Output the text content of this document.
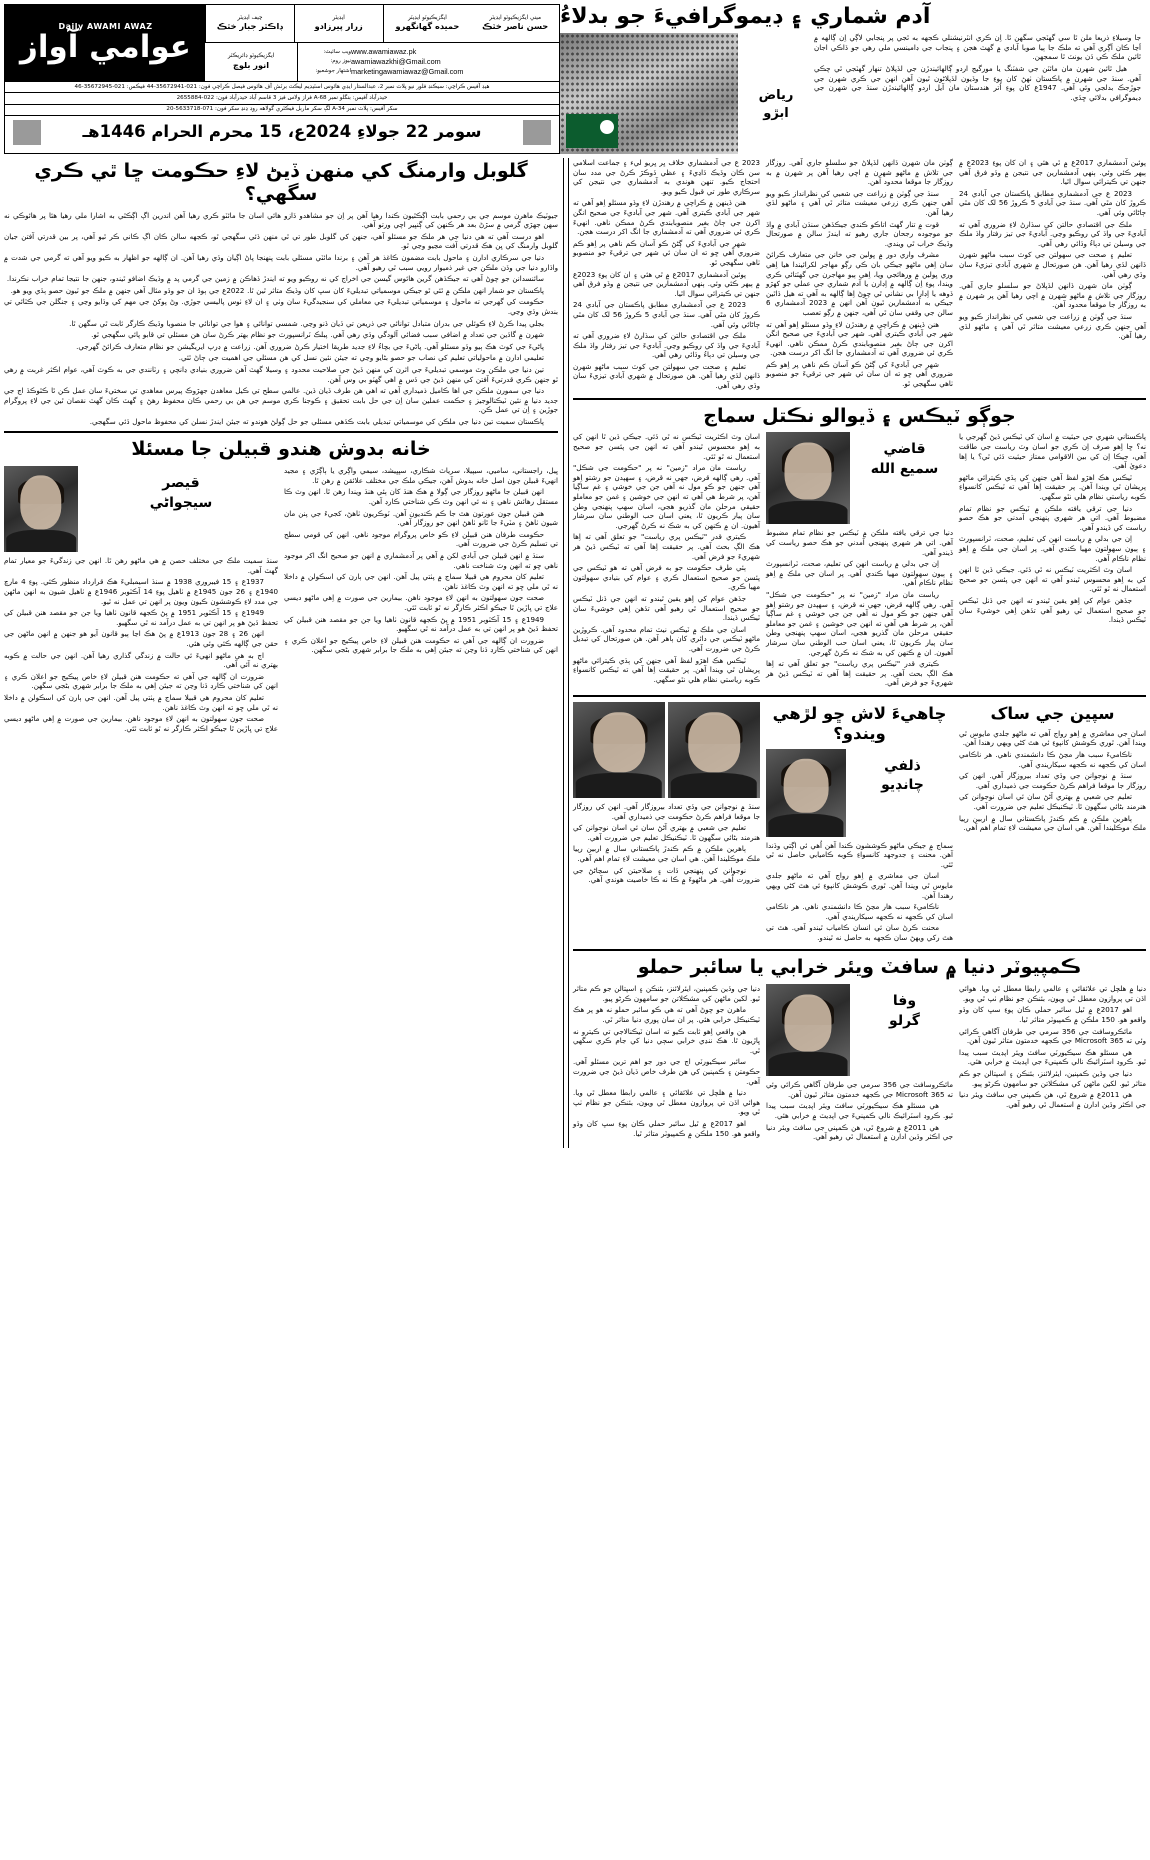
Daily AWAMI AWAZ
عوامي آواز
چيف ايڊيٽر
ڊاڪٽر جبار خٽڪ
ايڊيٽر
زرار پيرزادو
ايگزيڪيوٽو ايڊيٽر
حميده گهانگهرو
ميني ايگزيڪيوٽو ايڊيٽر
حسن ناصر خٽڪ
ايگزيڪيوٽو ڊائريڪٽر
انور بلوچ
ويب سائيٽ: www.awamiawaz.pk
نيوز روم: awamiawazkhi@Gmail.com
اشتهار جوشعبو: marketingawamiawaz@Gmail.com
هيڊ آفيس ڪراچي: سيڪنڊ فلور نيو پلاٽ نمبر 2، عبدالستار ايڊي هائوس اسٽيڊيم ليڪٽ برٽش آف هائوس فيصل ڪراچي فون: 021-35672941-44 فيڪس: 021-35672945-46
حيدرآباد آفيس: بنگلو نمبر A-68 فراز ولاس فيز 3 قاسم آباد حيدرآباد فون: 022-2655884
سکر آفيس: پلاٽ نمبر A-34 لڳ سکر ماربل فيڪٽري گولاهه روڊ ڍنڍ سکر فون: 071-5633718-20
سومر 22 جولاءِ 2024ع، 15 محرم الحرام 1446هـ
آدم شماري ۽ ڊيموگرافيءَ جو بدلاءُ
رياض
ابڙو

جا وسيلاءِ ذريعا ملن ٿا سي گهٽجي سگهن ٿا. اِن ڪري انٽرنيشنلي ڪجهه به ٿجي پر پنجابي لاڳي اِن ڳالهه ۾ اَڃا ڪان اَڳري آهي ته ملڪ جا ٻيا صوبا آبادي ۾ گهٽ هجن ۽ پنجاب جي ڊامينسي ملي رهي جو ڏاڪي اجان ٿائين ملڪ ڪي ڏن يونٽ ٿا سمجهن.

هيل ٿائين شهرن مان مائٽن جي شفٽنگ يا مورگيج اردو ڳالهائيندڙن جي لڏپلاڻ تنهار گهٽجي ٿي چڪي آهي. سنڌ جي شهرن ۾ پاڪستان ٺهڻ کان پوءِ جا وڏيون لڏپلاڻون ٿيون آهن انهن جي ڪري شهرن جي جوڙجڪ بدلجي وئي آهي. 1947ع کان پوءِ اُتر هندستان مان آيل اردو ڳالهائيندڙن سنڌ جي شهرن جي ڊيموگرافي بدلائي ڇڏي.

گلوبل وارمنگ کي منهن ڏيڻ لاءِ حڪومت ڇا ٿي ڪري سگهي؟

جيوٽيڪ ماهرن موسم جي بي رحمي بابت اڳڪٿيون ڪندا رهيا آهن پر اِن جو مشاهدو ڏازو هائي اسان جا مائٽو ڪري رهيا آهن اندرين اڳ اڳڪٿي به اشارا ملي رهيا هئا پر هائوڪي نه سهن جهڙي گرمي ۾ سڙڻ بعد هر ڪنهن کي ڳنڀير اچي ورتو آهي.

اهو درست آهي ته هي دنيا جي هر ملڪ جو مسئلو آهي، جنهن کي گلوبل طور تي ٿي منهن ڏئي سگهجي ٿو، ڪجهه سالن ڪان اڳ ڪاني ڪر ٿيو آهي، پر بين قدرتي آفتن جيان گلوبل وارمنگ کي ڀن هڪ قدرتي آفت مڃيو وڃي ٿو.

دنيا جي سرڪاري ادارن ۽ ماحول بابت مضمون ڪاغذ هر آهن ۽ برندا مائٽي مسئلي بابت پنهنجا پاڻ اڳيان وڌي رهيا آهن. ان ڳالهه جو اظهار به ڪيو ويو آهي ته گرمي جي شدت ۾ واڌارو دنيا جي وڏن ملڪن جي غير ذميوار رويي سبب ٿي رهيو آهي.

سائنسدانن جو چوڻ آهي ته جيڪڏهن گرين هائوس گيسن جي اخراج کي نه روڪيو ويو ته ايندڙ ڏهاڪن ۾ زمين جي گرمي پد ۾ وڌيڪ اضافو ٿيندو، جنهن جا نتيجا تمام خراب نڪرندا.

پاڪستان جو شمار انهن ملڪن ۾ ٿئي ٿو جيڪي موسمياتي تبديليءَ کان سڀ کان وڌيڪ متاثر ٿين ٿا. 2022ع جي ٻوڏ ان جو وڏو مثال آهي جنهن ۾ ملڪ جو ٽيون حصو ٻڏي ويو هو.

حڪومت کي گهرجي ته ماحول ۽ موسمياتي تبديليءَ جي معاملي کي سنجيدگيءَ سان وٺي ۽ ان لاءِ ٺوس پاليسي جوڙي. وڻ پوکڻ جي مهم کي وڌايو وڃي ۽ جنگلن جي ڪٽائي تي بندش وڌي وڃي.

بجلي پيدا ڪرڻ لاءِ ڪوئلي جي بدران متبادل توانائي جي ذريعن تي ڌيان ڏنو وڃي. شمسي توانائي ۽ هوا جي توانائي جا منصوبا وڌيڪ ڪارگر ثابت ٿي سگهن ٿا.

شهرن ۾ گاڏين جي تعداد ۾ اضافي سبب فضائي آلودگي وڌي رهي آهي. پبلڪ ٽرانسپورٽ جو نظام بهتر ڪرڻ سان هن مسئلي تي قابو پائي سگهجي ٿو.

پاڻيءَ جي کوٽ هڪ ٻيو وڏو مسئلو آهي. پاڻيءَ جي بچاءُ لاءِ جديد طريقا اختيار ڪرڻ ضروري آهن. زراعت ۾ ڊرپ ايريگيشن جو نظام متعارف ڪرائڻ گهرجي.

تعليمي ادارن ۾ ماحولياتي تعليم کي نصاب جو حصو بڻايو وڃي ته جيئن نئين نسل کي هن مسئلي جي اهميت جي ڄاڻ ٿئي.

تين دنيا جي ملڪن وٽ موسمي تبديليءَ جي اثرن کي منهن ڏيڻ جي صلاحيت محدود ۽ وسيلا گهٽ آهن ضروري بنيادي ڍانچي ۽ رٽانندي جي به ڪوٽ آهي، عوام اڪثر غربت ۾ رهي ٿو جنهن ڪري قدرتيءَ آفتن کي منهن ڏيڻ جي ڏس ۾ اهي گهٽو بي وس آهن.

دنيا جي سمورن ملڪن جي اها ڪاميل ذميداري آهي ته اهي هن طرف ڌيان ڏين. عالمي سطح تي ڪيل معاهدن جهڙوڪ پيرس معاهدي تي سختيءَ سان عمل ڪن ٿا ڪٿوڪڏ اڄ جي جديد دنيا ۾ نئين ٽيڪنالوجيز ۽ حڪمت عملين سان اِن جي حل بابت تحقيق ۽ ڪوجنا ڪري موسم جي هن بي رحمي ڪان محفوظ رهڻ ۽ گهٽ ڪان گهٽ نقصان ٿين جي لاءِ پروگرام جوڙين ۽ اِن تي عمل ڪن.

پاڪستان سميت تين دنيا جي ملڪن کي موسمياتي تبديلي بابت ڪڏهي مسئلي جو حل ڳولڻ هوندو ته جيئن ايندڙ نسلن کي محفوظ ماحول ڏئي سگهجي.

خانه بدوش هندو قبيلن جا مسئلا
قيصر
سيجواڻي

سنڌ سميت ملڪ جي مختلف حصن ۾ هي ماڻهو رهن ٿا. انهن جي زندگيءَ جو معيار تمام گهٽ آهي.

1937ع ۽ 15 فيبروري 1938 ۾ سنڌ اسيمبليءَ هڪ قرارداد منظور ڪئي. پوءِ 4 مارچ 1940ع ۽ 26 جون 1945ع ۾ ٺاهيل پوءِ 14 آڪٽوبر 1946ع ۾ ٺاهيل شيون به انهن ماڻهن جي مدد لاءِ ڪوششون ڪيون ويون پر انهن تي عمل نه ٿيو.

1949ع ۽ 15 آڪٽوبر 1951 ۾ پڻ ڪجهه قانون ٺاهيا ويا جن جو مقصد هنن قبيلن کي تحفظ ڏيڻ هو پر انهن تي به عمل درآمد نه ٿي سگهيو.

انهن 26 ۽ 28 جون 1913ع ۾ پڻ هڪ اڃا ٻيو قانون آيو هو جنهن ۾ انهن ماڻهن جي حقن جي ڳالهه ڪئي وئي هئي.

اڄ به هي ماڻهو انهيءَ ئي حالت ۾ زندگي گذاري رهيا آهن. انهن جي حالت ۾ ڪوبه بهتري نه آئي آهي.

ضرورت ان ڳالهه جي آهي ته حڪومت هنن قبيلن لاءِ خاص پيڪيج جو اعلان ڪري ۽ انهن کي شناختي ڪارڊ ڏنا وڃن ته جيئن اِهي به ملڪ جا برابر شهري بڻجي سگهن.

تعليم کان محروم هي قبيلا سماج ۾ پٺتي پيل آهن. انهن جي ٻارن کي اسڪولن ۾ داخلا نه ٿي ملي ڇو ته انهن وٽ ڪاغذ ناهن.

صحت جون سهولتون به انهن لاءِ موجود ناهن. بيمارين جي صورت ۾ اِهي ماڻهو ديسي علاج تي ڀاڙين ٿا جيڪو اڪثر ڪارگر نه ٿو ثابت ٿئي.

ڀيل، راجستاني، ساميي، سيپيلا، سرياٽ شڪاري، سڀڀيشد، سيمي واڳري يا ٻاڳڙي ۽ مجيد انهيءَ قبيلن جون اصل خانه بدوش آهن، جيڪي ملڪ جي مختلف علائقن ۾ رهن ٿا.

انهن قبيلن جا ماڻهو روزگار جي ڳولا ۾ هڪ هنڌ کان ٻئي هنڌ ويندا رهن ٿا. انهن وٽ ڪا مستقل رهائش ناهي ۽ نه ئي انهن وٽ ڪي شناختي ڪارڊ آهن.

هنن قبيلن جون عورتون هٿ جا ڪم ڪنديون آهن. ٽوڪريون ٺاهڻ، کجيءَ جي پنن مان شيون ٺاهڻ ۽ مٽيءَ جا ٿانو ٺاهڻ انهن جو روزگار آهي.

حڪومت طرفان هنن قبيلن لاءِ ڪو خاص پروگرام موجود ناهي. انهن کي قومي سطح تي تسليم ڪرڻ جي ضرورت آهي.

سنڌ ۾ انهن قبيلن جي آبادي لکن ۾ آهي پر آدمشماري ۾ انهن جو صحيح انگ اکر موجود ناهي ڇو ته انهن وٽ شناخت ناهي.

تعليم کان محروم هي قبيلا سماج ۾ پٺتي پيل آهن. انهن جي ٻارن کي اسڪولن ۾ داخلا نه ٿي ملي ڇو ته انهن وٽ ڪاغذ ناهن.

صحت جون سهولتون به انهن لاءِ موجود ناهن. بيمارين جي صورت ۾ اِهي ماڻهو ديسي علاج تي ڀاڙين ٿا جيڪو اڪثر ڪارگر نه ٿو ثابت ٿئي.

1949ع ۽ 15 آڪٽوبر 1951 ۾ پڻ ڪجهه قانون ٺاهيا ويا جن جو مقصد هنن قبيلن کي تحفظ ڏيڻ هو پر انهن تي به عمل درآمد نه ٿي سگهيو.

ضرورت ان ڳالهه جي آهي ته حڪومت هنن قبيلن لاءِ خاص پيڪيج جو اعلان ڪري ۽ انهن کي شناختي ڪارڊ ڏنا وڃن ته جيئن اِهي به ملڪ جا برابر شهري بڻجي سگهن.

2023 ع جي آدمشماري خلاف ڀر ڀريو ليء ۽ جماعت اسلامي سن ڪان وڏيڪ ڏاڍيءَ ۽ عظي ڏوڪڙ ڪرڻ جي مدد سان احتجاج ڪيو. تنهن هوندي به آدمشماري جي نتيجن کي سرڪاري طور تي قبول ڪيو ويو.

هنن ڏينهن ۾ ڪراچي ۾ رهندڙن لاءِ وڏو مسئلو اِهو آهي ته شهر جي آبادي ڪيتري آهي. شهر جي آباديءَ جي صحيح انگن اکرن جي ڄاڻ بغير منصوبابندي ڪرڻ ممڪن ناهي. انهيءَ ڪري ئي ضروري آهي ته آدمشماري جا انگ اکر درست هجن.

شهر جي آباديءَ کي ڳڻڻ ڪو آسان ڪم ناهي پر اِهو ڪم ضروري آهي ڇو ته ان سان ئي شهر جي ترقيءَ جو منصوبو ٺاهي سگهجي ٿو.

پوئين آدمشماري 2017ع ۾ ٿي هئي ۽ ان کان پوءِ 2023ع ۾ ٻيهر ڪئي وئي. ٻنهي آدمشمارين جي نتيجن ۾ وڏو فرق آهي جنهن تي ڪيترائي سوال اٿيا.

2023 ع جي آدمشماري مطابق پاڪستان جي آبادي 24 ڪروڙ کان مٿي آهي. سنڌ جي آبادي 5 ڪروڙ 56 لک کان مٿي ڄاڻائي وئي آهي.

ملڪ جي اقتصادي حالتن کي سڌارڻ لاءِ ضروري آهي ته آباديءَ جي واڌ کي روڪيو وڃي. آباديءَ جي تيز رفتار واڌ ملڪ جي وسيلن تي دٻاءُ وڌائي رهي آهي.

تعليم ۽ صحت جي سهولتن جي کوٽ سبب ماڻهو شهرن ڏانهن لڏي رهيا آهن. هن صورتحال ۾ شهري آبادي تيزيءَ سان وڌي رهي آهي.

ڳوٺن مان شهرن ڏانهن لڏپلاڻ جو سلسلو جاري آهي. روزگار جي تلاش ۾ ماڻهو شهرن ۾ اچي رهيا آهن پر شهرن ۾ به روزگار جا موقعا محدود آهن.

سنڌ جي ڳوٺن ۾ زراعت جي شعبي کي نظرانداز ڪيو ويو آهي جنهن ڪري زرعي معيشت متاثر ٿي آهي ۽ ماڻهو لڏي رهيا آهن.

قوت ۾ تنار گهٽ اتاڪو ڪندي جيڪڏهن سنڌن آبادي ۾ واڌ جو موجوده رجحان جاري رهيو ته ايندڙ سالن ۾ صورتحال وڌيڪ خراب ٿي ويندي.

مشرف واري دور ۾ ڀولين جي خانن جي متعارف ڪرائڻ سان اِهي ماڻهو جيڪي بان ڪي رڳو مهاجر لکرائيندا هيا اِهي وري ڀولين ۾ ورهائجي ويا، اِهي ٻيو مهاجرن جي گهٽتائي ڪري ويندا، پوءِ اِن ڳالهه ۾ اِڊارن يا آدم شماري جي عملي جو کهڙو ڏوهه يا اِڊارا بي نشاني ٿي چوڻ اِها ڳالهه به آهي ته هيل ڏاٿين جيڪي به آدمشمارين ٿيون آهن انهن ۾ 2023 آدمشماري 6 سالن جي وقفي سان ٿي آهي، جنهن ۾ رڳو تعصب

هنن ڏينهن ۾ ڪراچي ۾ رهندڙن لاءِ وڏو مسئلو اِهو آهي ته شهر جي آبادي ڪيتري آهي. شهر جي آباديءَ جي صحيح انگن اکرن جي ڄاڻ بغير منصوبابندي ڪرڻ ممڪن ناهي. انهيءَ ڪري ئي ضروري آهي ته آدمشماري جا انگ اکر درست هجن.

شهر جي آباديءَ کي ڳڻڻ ڪو آسان ڪم ناهي پر اِهو ڪم ضروري آهي ڇو ته ان سان ئي شهر جي ترقيءَ جو منصوبو ٺاهي سگهجي ٿو.

پوئين آدمشماري 2017ع ۾ ٿي هئي ۽ ان کان پوءِ 2023ع ۾ ٻيهر ڪئي وئي. ٻنهي آدمشمارين جي نتيجن ۾ وڏو فرق آهي جنهن تي ڪيترائي سوال اٿيا.

2023 ع جي آدمشماري مطابق پاڪستان جي آبادي 24 ڪروڙ کان مٿي آهي. سنڌ جي آبادي 5 ڪروڙ 56 لک کان مٿي ڄاڻائي وئي آهي.

ملڪ جي اقتصادي حالتن کي سڌارڻ لاءِ ضروري آهي ته آباديءَ جي واڌ کي روڪيو وڃي. آباديءَ جي تيز رفتار واڌ ملڪ جي وسيلن تي دٻاءُ وڌائي رهي آهي.

تعليم ۽ صحت جي سهولتن جي کوٽ سبب ماڻهو شهرن ڏانهن لڏي رهيا آهن. هن صورتحال ۾ شهري آبادي تيزيءَ سان وڌي رهي آهي.

ڳوٺن مان شهرن ڏانهن لڏپلاڻ جو سلسلو جاري آهي. روزگار جي تلاش ۾ ماڻهو شهرن ۾ اچي رهيا آهن پر شهرن ۾ به روزگار جا موقعا محدود آهن.

سنڌ جي ڳوٺن ۾ زراعت جي شعبي کي نظرانداز ڪيو ويو آهي جنهن ڪري زرعي معيشت متاثر ٿي آهي ۽ ماڻهو لڏي رهيا آهن.

جوڳو ٽيڪس ۽ ڏيوالو نڪتل سماج

اسان وٽ اڪثريت ٽيڪس نه ٿي ڏئي. جيڪي ڏين ٿا انهن کي به اِهو محسوس ٿيندو آهي ته انهن جي پئسن جو صحيح استعمال نه ٿو ٿئي.

رياست مان مراد "زمين" نه پر "حڪومت جي شڪل" آهي. رهي ڳالهه قرض، جهي نه قرض، ۽ سهپدن جو رشتو اِهو آهي جنهن جو ڪو مول نه آهي جن جي خوشي ۽ غم ساڳيا آهن، پر شرط هي آهي ته انهن جي خوشين ۽ غمن جو معاملو حقيقي مرحلن مان گذريو هجي، اسان سهپ پنهنجي وطن سان پيار ڪريون ٿا، يعني اسان حب الوطني سان سرشار آهيون. ان ۾ ڪنهن کي به شڪ نه ڪرڻ گهرجي.

ڪيتري قدر "ٽيڪس پري رياست" جو تعلق آهي ته اِها هڪ الڳ بحث آهي. پر حقيقت اِها آهي ته ٽيڪس ڏيڻ هر شهريءَ جو فرض آهي.

ٻئي طرف حڪومت جو به فرض آهي ته هو ٽيڪس جي پئسن جو صحيح استعمال ڪري ۽ عوام کي بنيادي سهولتون مهيا ڪري.

جڏهن عوام کي اِهو يقين ٿيندو ته انهن جي ڏنل ٽيڪس جو صحيح استعمال ٿي رهيو آهي تڏهن اِهي خوشيءَ سان ٽيڪس ڏيندا.

اسان جي ملڪ ۾ ٽيڪس نيٽ تمام محدود آهي. ڪروڙين ماڻهو ٽيڪس جي دائري کان ٻاهر آهن. هن صورتحال کي تبديل ڪرڻ جي ضرورت آهي.

ٽيڪس هڪ اهڙو لفظ آهي جنهن کي ٻڌي ڪيترائي ماڻهو پريشان ٿي ويندا آهن. پر حقيقت اِها آهي ته ٽيڪس کانسواءِ ڪوبه رياستي نظام هلي نٿو سگهي.

قاضي
سميع الله

دنيا جي ترقي يافته ملڪن ۾ ٽيڪس جو نظام تمام مضبوط آهي. اتي هر شهري پنهنجي آمدني جو هڪ حصو رياست کي ڏيندو آهي.

اِن جي بدلي ۾ رياست انهن کي تعليم، صحت، ٽرانسپورٽ ۽ ٻيون سهولتون مهيا ڪندي آهي. پر اسان جي ملڪ ۾ اِهو نظام ناڪام آهي.

رياست مان مراد "زمين" نه پر "حڪومت جي شڪل" آهي. رهي ڳالهه قرض، جهي نه قرض، ۽ سهپدن جو رشتو اِهو آهي جنهن جو ڪو مول نه آهي جن جي خوشي ۽ غم ساڳيا آهن، پر شرط هي آهي ته انهن جي خوشين ۽ غمن جو معاملو حقيقي مرحلن مان گذريو هجي، اسان سهپ پنهنجي وطن سان پيار ڪريون ٿا، يعني اسان حب الوطني سان سرشار آهيون. ان ۾ ڪنهن کي به شڪ نه ڪرڻ گهرجي.

ڪيتري قدر "ٽيڪس پري رياست" جو تعلق آهي ته اِها هڪ الڳ بحث آهي. پر حقيقت اِها آهي ته ٽيڪس ڏيڻ هر شهريءَ جو فرض آهي.

پاڪستاني شهري جي حيثيت ۾ اسان کي ٽيڪس ڏيڻ گهرجي يا نه؟ ڇا اِهو صرف اِن ڪري جو اسان وٽ رياست جي طاقت آهي، جيڪا اِن کي بين الاقوامي ممتاز حيثيت ڏئي ٿي؟ يا اِها دعويٰ آهي.

ٽيڪس هڪ اهڙو لفظ آهي جنهن کي ٻڌي ڪيترائي ماڻهو پريشان ٿي ويندا آهن. پر حقيقت اِها آهي ته ٽيڪس کانسواءِ ڪوبه رياستي نظام هلي نٿو سگهي.

دنيا جي ترقي يافته ملڪن ۾ ٽيڪس جو نظام تمام مضبوط آهي. اتي هر شهري پنهنجي آمدني جو هڪ حصو رياست کي ڏيندو آهي.

اِن جي بدلي ۾ رياست انهن کي تعليم، صحت، ٽرانسپورٽ ۽ ٻيون سهولتون مهيا ڪندي آهي. پر اسان جي ملڪ ۾ اِهو نظام ناڪام آهي.

اسان وٽ اڪثريت ٽيڪس نه ٿي ڏئي. جيڪي ڏين ٿا انهن کي به اِهو محسوس ٿيندو آهي ته انهن جي پئسن جو صحيح استعمال نه ٿو ٿئي.

جڏهن عوام کي اِهو يقين ٿيندو ته انهن جي ڏنل ٽيڪس جو صحيح استعمال ٿي رهيو آهي تڏهن اِهي خوشيءَ سان ٽيڪس ڏيندا.

سنڌ ۾ نوجوانن جي وڏي تعداد بيروزگار آهي. انهن کي روزگار جا موقعا فراهم ڪرڻ حڪومت جي ذميداري آهي.

تعليم جي شعبي ۾ بهتري آڻڻ سان ئي اسان نوجوانن کي هنرمند بڻائي سگهون ٿا. ٽيڪنيڪل تعليم جي ضرورت آهي.

ٻاهرين ملڪن ۾ ڪم ڪندڙ پاڪستاني سال ۾ اربين رپيا ملڪ موڪليندا آهن. هي اسان جي معيشت لاءِ تمام اهم آهي.

نوجوانن کي پنهنجي ڏات ۽ صلاحيتن کي سڃاڻڻ جي ضرورت آهي. هر ماڻهوءَ ۾ ڪا نه ڪا خاصيت هوندي آهي.

چاهيءَ لاش ڇو لڙهي ويندو؟
ذلفي
چانڊيو

سماج ۾ جيڪي ماڻهو ڪوششون ڪندا آهن اُهي ئي اڳتي وڌندا آهن. محنت ۽ جدوجهد کانسواءِ ڪوبه ڪاميابي حاصل نه ٿي ٿئي.

اسان جي معاشري ۾ اِهو رواج آهي ته ماڻهو جلدي مايوس ٿي ويندا آهن. ٿوري ڪوشش کانپوءِ ئي هٿ کڻي ويهي رهندا آهن.

ناڪاميءَ سبب هار مڃڻ ڪا دانشمندي ناهي. هر ناڪامي اسان کي ڪجهه نه ڪجهه سيکاريندي آهي.

محنت ڪرڻ سان ئي انسان ڪامياب ٿيندو آهي. هٿ تي هٿ رکي ويهڻ سان ڪجهه به حاصل نه ٿيندو.

سپين جي ساک

اسان جي معاشري ۾ اِهو رواج آهي ته ماڻهو جلدي مايوس ٿي ويندا آهن. ٿوري ڪوشش کانپوءِ ئي هٿ کڻي ويهي رهندا آهن.

ناڪاميءَ سبب هار مڃڻ ڪا دانشمندي ناهي. هر ناڪامي اسان کي ڪجهه نه ڪجهه سيکاريندي آهي.

سنڌ ۾ نوجوانن جي وڏي تعداد بيروزگار آهي. انهن کي روزگار جا موقعا فراهم ڪرڻ حڪومت جي ذميداري آهي.

تعليم جي شعبي ۾ بهتري آڻڻ سان ئي اسان نوجوانن کي هنرمند بڻائي سگهون ٿا. ٽيڪنيڪل تعليم جي ضرورت آهي.

ٻاهرين ملڪن ۾ ڪم ڪندڙ پاڪستاني سال ۾ اربين رپيا ملڪ موڪليندا آهن. هي اسان جي معيشت لاءِ تمام اهم آهي.

ڪمپيوٽر دنيا ۾ سافٽ ويئر خرابي يا سائبر حملو

دنيا جي وڏين ڪمپنين، ايئرلائنز، بئنڪن ۽ اسپتالن جو ڪم متاثر ٿيو. لکين ماڻهن کي مشڪلاتن جو سامهون ڪرڻو پيو.

ماهرن جو چوڻ آهي ته هي ڪو سائبر حملو نه هو پر هڪ ٽيڪنيڪل خرابي هئي. پر ان سان پوري دنيا متاثر ٿي.

هن واقعي اِهو ثابت ڪيو ته اسان ٽيڪنالاجي تي ڪيترو نه ڀاڙيون ٿا. هڪ ننڍي خرابي سڄي دنيا کي جام ڪري سگهي ٿي.

سائبر سيڪيورٽي اڄ جي دور جو اهم ترين مسئلو آهي. حڪومتن ۽ ڪمپنين کي هن طرف خاص ڌيان ڏيڻ جي ضرورت آهي.

دنيا ۾ هلچل تي علائقائي ۽ عالمي رابطا معطل ٿي ويا. هوائي اڏن تي پروازون معطل ٿي ويون، بئنڪن جو نظام ٺپ ٿي ويو.

اهو 2017ع ۾ ٿيل سائبر حملي ڪان پوءِ سڀ کان وڏو واقعو هو. 150 ملڪن ۾ ڪمپيوٽر متاثر ٿيا.

وفا
گرلو

مائڪروسافٽ جي 356 سرمي جي طرفان آگاهي ڪرائي وئي ته Microsoft 365 جي ڪجهه خدمتون متاثر ٿيون آهن.

هي مسئلو هڪ سيڪيورٽي سافٽ ويئر اپڊيٽ سبب پيدا ٿيو. ڪروڊ اسٽرائيڪ نالي ڪمپنيءَ جي اپڊيٽ ۾ خرابي هئي.

هي 2011ع ۾ شروع ٿي، هن ڪمپني جي سافٽ ويئر دنيا جي اڪثر وڏين ادارن ۾ استعمال ٿي رهيو آهي.

دنيا ۾ هلچل تي علائقائي ۽ عالمي رابطا معطل ٿي ويا. هوائي اڏن تي پروازون معطل ٿي ويون، بئنڪن جو نظام ٺپ ٿي ويو.

اهو 2017ع ۾ ٿيل سائبر حملي ڪان پوءِ سڀ کان وڏو واقعو هو. 150 ملڪن ۾ ڪمپيوٽر متاثر ٿيا.

مائڪروسافٽ جي 356 سرمي جي طرفان آگاهي ڪرائي وئي ته Microsoft 365 جي ڪجهه خدمتون متاثر ٿيون آهن.

هي مسئلو هڪ سيڪيورٽي سافٽ ويئر اپڊيٽ سبب پيدا ٿيو. ڪروڊ اسٽرائيڪ نالي ڪمپنيءَ جي اپڊيٽ ۾ خرابي هئي.

دنيا جي وڏين ڪمپنين، ايئرلائنز، بئنڪن ۽ اسپتالن جو ڪم متاثر ٿيو. لکين ماڻهن کي مشڪلاتن جو سامهون ڪرڻو پيو.

هي 2011ع ۾ شروع ٿي، هن ڪمپني جي سافٽ ويئر دنيا جي اڪثر وڏين ادارن ۾ استعمال ٿي رهيو آهي.
